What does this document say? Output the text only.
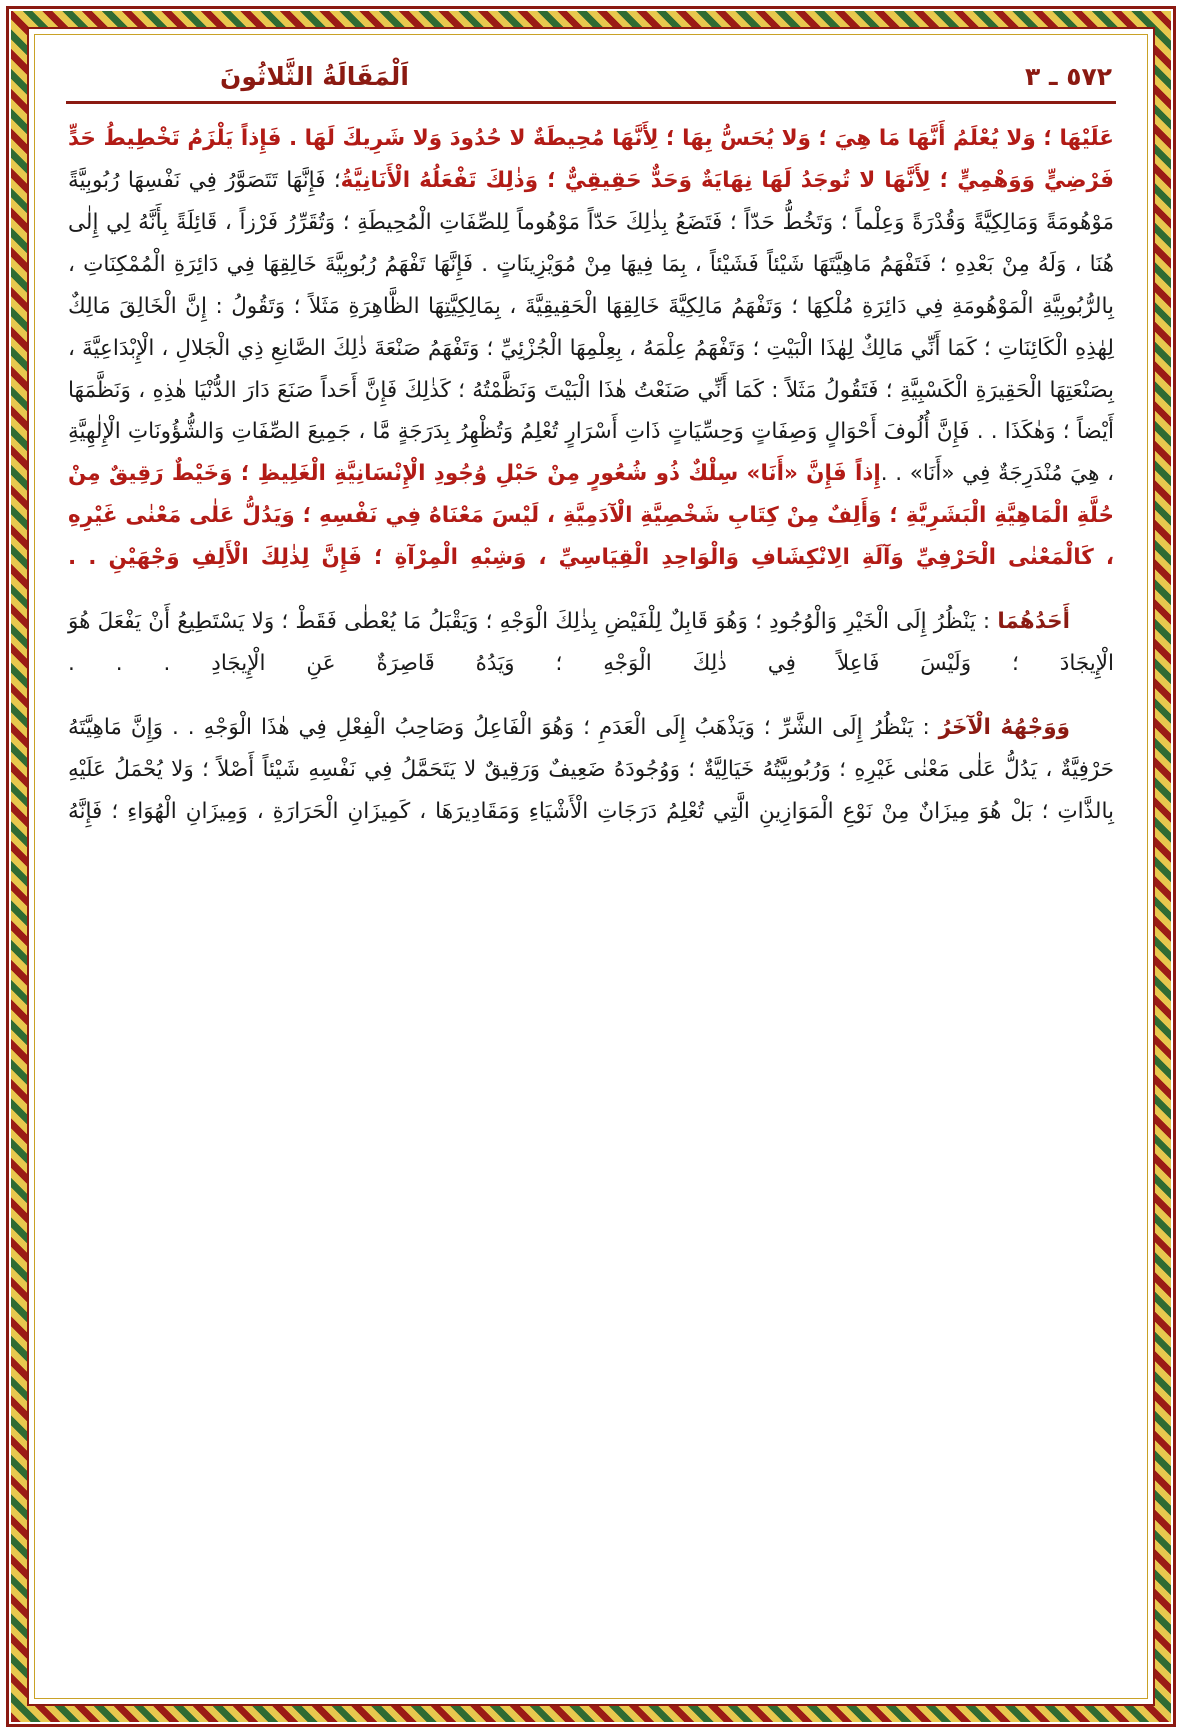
٥٧٢ ـ ٣
اَلْمَقَالَةُ الثَّلاثُونَ

عَلَيْهَا ؛ وَلا يُعْلَمُ أَنَّهَا مَا هِيَ ؛ وَلا يُحَسُّ بِهَا ؛ لِأَنَّهَا مُحِيطَةٌ لا حُدُودَ وَلا شَرِيكَ لَهَا . فَإِذاً يَلْزَمُ تَخْطِيطُ حَدٍّ فَرْضِيٍّ وَوَهْمِيٍّ ؛ لِأَنَّهَا لا تُوجَدُ لَهَا نِهَايَةٌ وَحَدٌّ حَقِيقِيٌّ ؛ وَذٰلِكَ تَفْعَلُهُ الْأَنَانِيَّةُ؛ فَإِنَّهَا تَتَصَوَّرُ فِي نَفْسِهَا رُبُوبِيَّةً مَوْهُومَةً وَمَالِكِيَّةً وَقُدْرَةً وَعِلْماً ؛ وَتَخُطُّ حَدّاً ؛ فَتَضَعُ بِذٰلِكَ حَدّاً مَوْهُوماً لِلصِّفَاتِ الْمُحِيطَةِ ؛ وَتُقَرِّرُ فَرْزاً ، قَائِلَةً بِأَنَّهُ لِي إِلٰى هُنَا ، وَلَهُ مِنْ بَعْدِهِ ؛ فَتَفْهَمُ مَاهِيَّتَهَا شَيْئاً فَشَيْئاً ، بِمَا فِيهَا مِنْ مُوَيْزِينَاتٍ . فَإِنَّهَا تَفْهَمُ رُبُوبِيَّةَ خَالِقِهَا فِي دَائِرَةِ الْمُمْكِنَاتِ ، بِالرُّبُوبِيَّةِ الْمَوْهُومَةِ فِي دَائِرَةِ مُلْكِهَا ؛ وَتَفْهَمُ مَالِكِيَّةَ خَالِقِهَا الْحَقِيقِيَّةَ ، بِمَالِكِيَّتِهَا الظَّاهِرَةِ مَثَلاً ؛ وَتَقُولُ : إِنَّ الْخَالِقَ مَالِكٌ لِهٰذِهِ الْكَائِنَاتِ ؛ كَمَا أَنِّي مَالِكٌ لِهٰذَا الْبَيْتِ ؛ وَتَفْهَمُ عِلْمَهُ ، بِعِلْمِهَا الْجُزْئِيِّ ؛ وَتَفْهَمُ صَنْعَةَ ذٰلِكَ الصَّانِعِ ذِي الْجَلالِ ، الْإِبْدَاعِيَّةَ ، بِصَنْعَتِهَا الْحَقِيرَةِ الْكَسْبِيَّةِ ؛ فَتَقُولُ مَثَلاً : كَمَا أَنِّي صَنَعْتُ هٰذَا الْبَيْتَ وَنَظَّمْتُهُ ؛ كَذٰلِكَ فَإِنَّ أَحَداً صَنَعَ دَارَ الدُّنْيَا هٰذِهِ ، وَنَظَّمَهَا أَيْضاً ؛ وَهٰكَذَا . . فَإِنَّ أُلُوفَ أَحْوَالٍ وَصِفَاتٍ وَحِسِّيَاتٍ ذَاتِ أَسْرَارٍ تُعْلِمُ وَتُظْهِرُ بِدَرَجَةٍ مَّا ، جَمِيعَ الصِّفَاتِ وَالشُّؤُونَاتِ الْإِلٰهِيَّةِ ، هِيَ مُنْدَرِجَةٌ فِي «أَنَا» . .إِذاً فَإِنَّ «أَنَا» سِلْكٌ ذُو شُعُورٍ مِنْ حَبْلِ وُجُودِ الْإِنْسَانِيَّةِ الْغَلِيظِ ؛ وَخَيْطٌ رَقِيقٌ مِنْ حُلَّةِ الْمَاهِيَّةِ الْبَشَرِيَّةِ ؛ وَأَلِفٌ مِنْ كِتَابِ شَخْصِيَّةِ الْآدَمِيَّةِ ، لَيْسَ مَعْنَاهُ فِي نَفْسِهِ ؛ وَيَدُلُّ عَلٰى مَعْنٰى غَيْرِهِ ، كَالْمَعْنٰى الْحَرْفِيِّ وَآلَةِ الِانْكِشَافِ وَالْوَاحِدِ الْقِيَاسِيِّ ، وَشِبْهِ الْمِرْآةِ ؛ فَإِنَّ لِذٰلِكَ الْأَلِفِ وَجْهَيْنِ . .

أَحَدُهُمَا : يَنْظُرُ إِلَى الْخَيْرِ وَالْوُجُودِ ؛ وَهُوَ قَابِلٌ لِلْفَيْضِ بِذٰلِكَ الْوَجْهِ ؛ وَيَقْبَلُ مَا يُعْطٰى فَقَطْ ؛ وَلا يَسْتَطِيعُ أَنْ يَفْعَلَ هُوَ الْإِيجَادَ ؛ وَلَيْسَ فَاعِلاً فِي ذٰلِكَ الْوَجْهِ ؛ وَيَدُهُ قَاصِرَةٌ عَنِ الْإِيجَادِ . . .

وَوَجْهُهُ الْآخَرُ : يَنْظُرُ إِلَى الشَّرِّ ؛ وَيَذْهَبُ إِلَى الْعَدَمِ ؛ وَهُوَ الْفَاعِلُ وَصَاحِبُ الْفِعْلِ فِي هٰذَا الْوَجْهِ . . وَإِنَّ مَاهِيَّتَهُ حَرْفِيَّةٌ ، يَدُلُّ عَلٰى مَعْنٰى غَيْرِهِ ؛ وَرُبُوبِيَّتُهُ خَيَالِيَّةٌ ؛ وَوُجُودَهُ ضَعِيفٌ وَرَقِيقٌ لا يَتَحَمَّلُ فِي نَفْسِهِ شَيْئاً أَصْلاً ؛ وَلا يُحْمَلُ عَلَيْهِ بِالذَّاتِ ؛ بَلْ هُوَ مِيزَانٌ مِنْ نَوْعِ الْمَوَازِينِ الَّتِي تُعْلِمُ دَرَجَاتِ الْأَشْيَاءِ وَمَقَادِيرَهَا ، كَمِيزَانِ الْحَرَارَةِ ، وَمِيزَانِ الْهُوَاءِ ؛ فَإِنَّهُ
